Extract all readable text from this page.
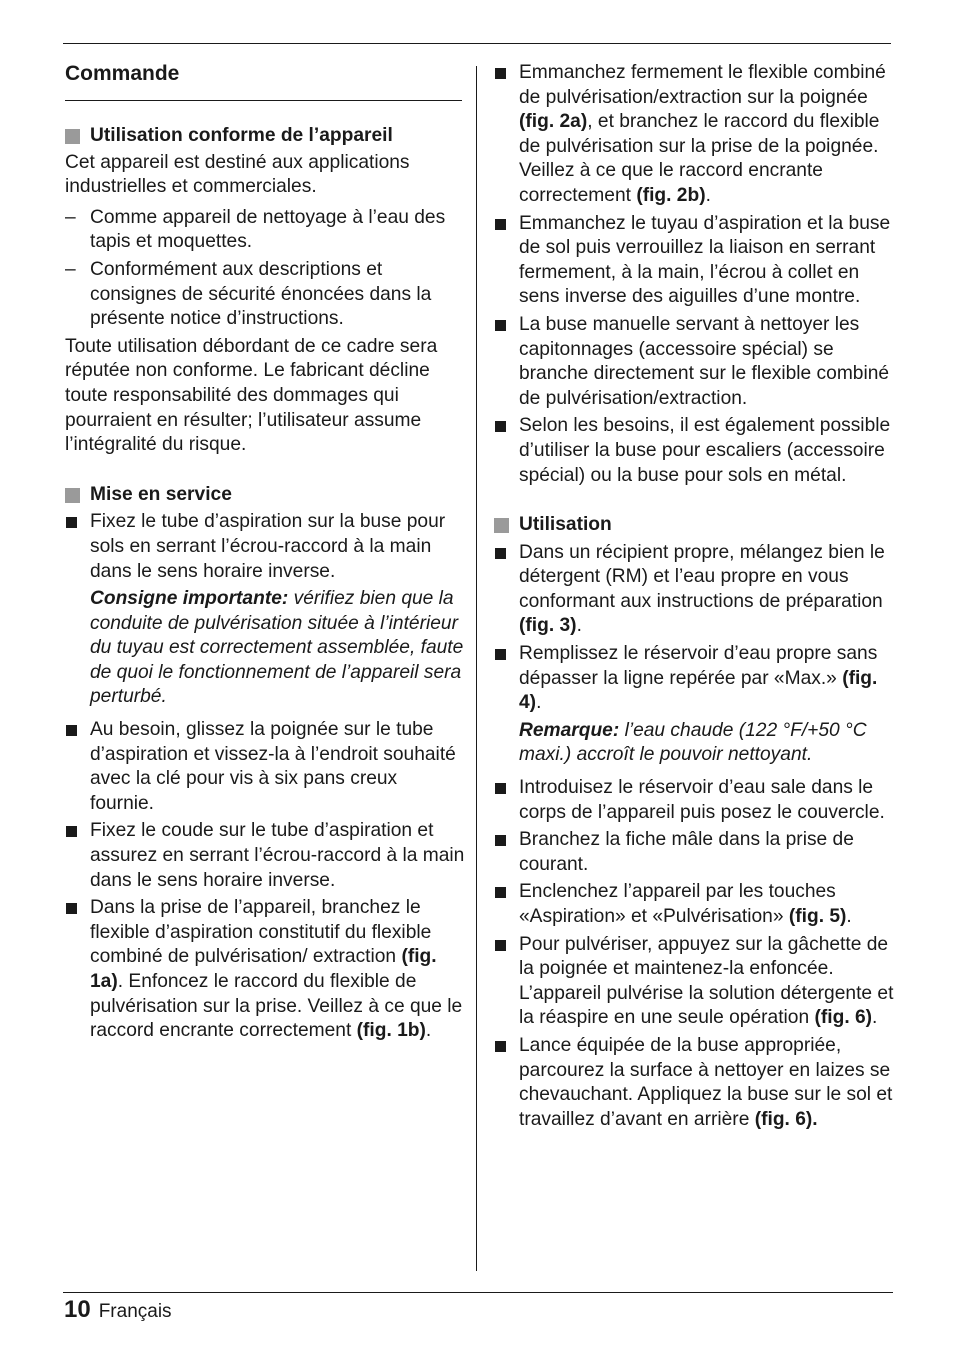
Commande

Utilisation conforme de l’appareil

Cet appareil est destiné aux applications industrielles et commerciales.

– Comme appareil de nettoyage à l’eau des tapis et moquettes.

– Conformément aux descriptions et consignes de sécurité énoncées dans la présente notice d’instructions.

Toute utilisation débordant de ce cadre sera réputée non conforme. Le fabricant décline toute responsabilité des dommages qui pourraient en résulter; l’utilisateur assume l’intégralité du risque.

Mise en service

Fixez le tube d’aspiration sur la buse pour sols en serrant l’écrou-raccord à la main dans le sens horaire inverse.

Consigne importante: vérifiez bien que la conduite de pulvérisation située à l’intérieur du tuyau est correctement assemblée, faute de quoi le fonctionnement de l’appareil sera perturbé.

Au besoin, glissez la poignée sur le tube d’aspiration et vissez-la à l’endroit souhaité avec la clé pour vis à six pans creux fournie.

Fixez le coude sur le tube d’aspiration et assurez en serrant l’écrou-raccord à la main dans le sens horaire inverse.

Dans la prise de l’appareil, branchez le flexible d’aspiration constitutif du flexible combiné de pulvérisation/ extraction (fig. 1a). Enfoncez le raccord du flexible de pulvérisation sur la prise. Veillez à ce que le raccord encrante correctement (fig. 1b).

Emmanchez fermement le flexible combiné de pulvérisation/extraction sur la poignée (fig. 2a), et branchez le raccord du flexible de pulvérisation sur la prise de la poignée. Veillez à ce que le raccord encrante correctement (fig. 2b).

Emmanchez le tuyau d’aspiration et la buse de sol puis verrouillez la liaison en serrant fermement, à la main, l’écrou à collet en sens inverse des aiguilles d’une montre.

La buse manuelle servant à nettoyer les capitonnages (accessoire spécial) se branche directement sur le flexible combiné de pulvérisation/extraction.

Selon les besoins, il est également possible d’utiliser la buse pour escaliers (accessoire spécial) ou la buse pour sols en métal.

Utilisation

Dans un récipient propre, mélangez bien le détergent (RM) et l’eau propre en vous conformant aux instructions de préparation (fig. 3).

Remplissez le réservoir d’eau propre sans dépasser la ligne repérée par «Max.» (fig. 4).

Remarque: l’eau chaude (122 °F/+50 °C maxi.) accroît le pouvoir nettoyant.

Introduisez le réservoir d’eau sale dans le corps de l’appareil puis posez le couvercle.

Branchez la fiche mâle dans la prise de courant.

Enclenchez l’appareil par les touches «Aspiration» et «Pulvérisation» (fig. 5).

Pour pulvériser, appuyez sur la gâchette de la poignée et maintenez-la enfoncée. L’appareil pulvérise la solution détergente et la réaspire en une seule opération (fig. 6).

Lance équipée de la buse appropriée, parcourez la surface à nettoyer en laizes se chevauchant. Appliquez la buse sur le sol et travaillez d’avant en arrière (fig. 6).

10 Français
